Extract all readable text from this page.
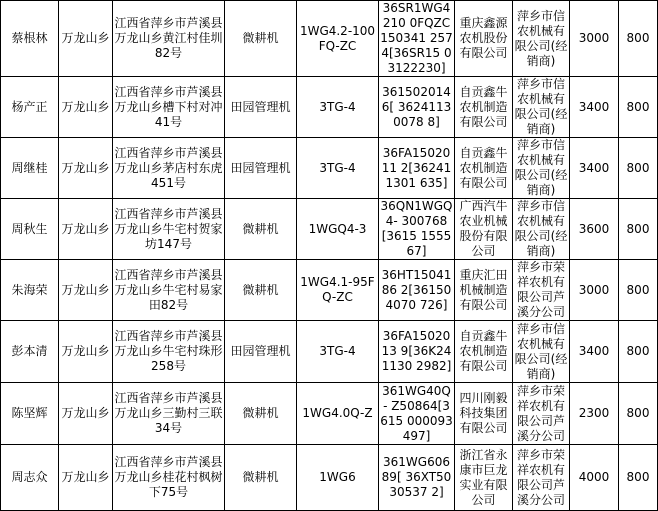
蔡根林	万龙山乡	江西省萍乡市芦溪县万龙山乡黄江村佳圳82号	微耕机	1WG4.2-100FQ-ZC	36SR1WG4210 0FQZC150341 2574[36SR15 03122230]	重庆鑫源农机股份有限公司	萍乡市信农机械有限公司(经销商)	3000	800
杨产正	万龙山乡	江西省萍乡市芦溪县万龙山乡槽下村对冲41号	田园管理机	3TG-4	3615020146[ 36241130078 8]	自贡鑫牛农机制造有限公司	萍乡市信农机械有限公司(经销商)	3400	800
周继桂	万龙山乡	江西省萍乡市芦溪县万龙山乡茅店村东虎451号	田园管理机	3TG-4	36FA1502011 2[362411301 635]	自贡鑫牛农机制造有限公司	萍乡市信农机械有限公司(经销商)	3400	800
周秋生	万龙山乡	江西省萍乡市芦溪县万龙山乡牛宅村贺家坊147号	微耕机	1WGQ4-3	36QN1WGQ4- 300768[3615 155567]	广西汽牛农业机械股份有限公司	萍乡市信农机械有限公司(经销商)	3600	800
朱海荣	万龙山乡	江西省萍乡市芦溪县万龙山乡牛宅村易家田82号	微耕机	1WG4.1-95FQ-ZC	36HT1504186 2[361504070 726]	重庆汇田机械制造有限公司	萍乡市荣祥农机有限公司芦溪分公司	3000	800
彭本清	万龙山乡	江西省萍乡市芦溪县万龙山乡牛宅村珠形258号	田园管理机	3TG-4	36FA1502013 9[36K241130 2982]	自贡鑫牛农机制造有限公司	萍乡市信农机械有限公司(经销商)	3400	800
陈坚辉	万龙山乡	江西省萍乡市芦溪县万龙山乡三勤村三联34号	微耕机	1WG4.0Q-Z	361WG40Q- Z50864[3615 000093497]	四川刚毅科技集团有限公司	萍乡市荣祥农机有限公司芦溪分公司	2300	800
周志众	万龙山乡	江西省萍乡市芦溪县万龙山乡桂花村枫树下75号	微耕机	1WG6	361WG60689[ 36XT5030537 2]	浙江省永康市巨龙实业有限公司	萍乡市荣祥农机有限公司芦溪分公司	4000	800
